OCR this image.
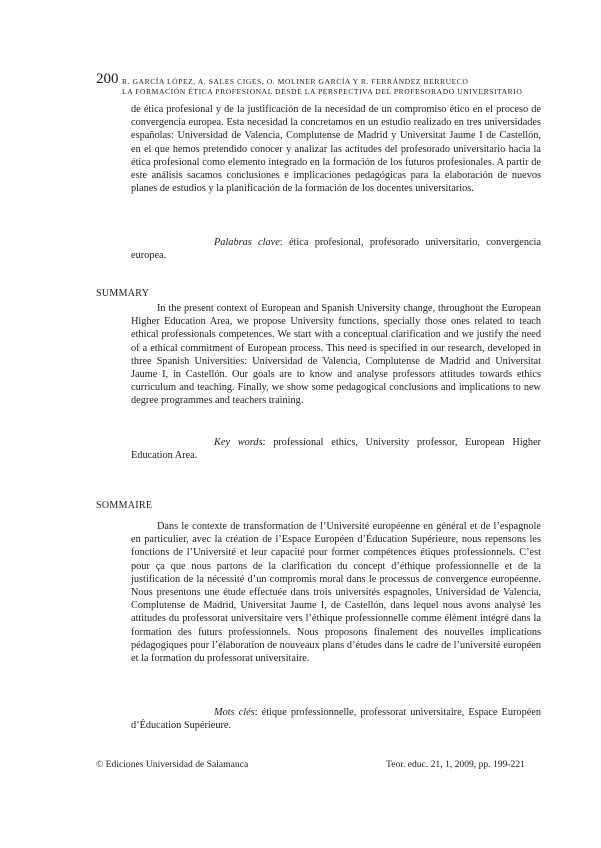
200 R. GARCÍA LÓPEZ, A. SALES CIGES, O. MOLINER GARCÍA Y R. FERRÁNDEZ BERRUECO
LA FORMACIÓN ÉTICA PROFESIONAL DESDE LA PERSPECTIVA DEL PROFESORADO UNIVERSITARIO

de ética profesional y de la justificación de la necesidad de un compromiso ético en el proceso de convergencia europea. Esta necesidad la concretamos en un estudio realizado en tres universidades españolas: Universidad de Valencia, Complutense de Madrid y Universitat Jaume I de Castellón, en el que hemos pretendido conocer y analizar las actitudes del profesorado universitario hacia la ética profesional como elemento integrado en la formación de los futuros profesionales. A partir de este análisis sacamos conclusiones e implicaciones pedagógicas para la elaboración de nuevos planes de estudios y la planificación de la formación de los docentes universitarios.

Palabras clave: ética profesional, profesorado universitario, convergencia europea.

SUMMARY

In the present context of European and Spanish University change, throughout the European Higher Education Area, we propose University functions, specially those ones related to teach ethical professionals competences. We start with a conceptual clarification and we justify the need of a ethical commitment of European process. This need is specified in our research, developed in three Spanish Universities: Universidad de Valencia, Complutense de Madrid and Universitat Jaume I, in Castellón. Our goals are to know and analyse professors attitudes towards ethics curriculum and teaching. Finally, we show some pedagogical conclusions and implications to new degree programmes and teachers training.

Key words: professional ethics, University professor, European Higher Education Area.

SOMMAIRE

Dans le contexte de transformation de l’Université européenne en général et de l’espagnole en particulier, avec la création de l’Espace Européen d’Éducation Supérieure, nous repensons les fonctions de l’Université et leur capacité pour former compétences étiques professionnels. C’est pour ça que nous partons de la clarification du concept d’éthique professionnelle et de la justification de la nécessité d’un compromis moral dans le processus de convergence européenne. Nous presentons une étude effectuée dans trois universités espagnoles, Universidad de Valencia, Complutense de Madrid, Universitat Jaume I, de Castellón, dans lequel nous avons analysé les attitudes du professorat universitaire vers l’éthique professionnelle comme élément intégré dans la formation des futurs professionnels. Nous proposons finalement des nouvelles implications pédagogiques pour l’élaboration de nouveaux plans d’études dans le cadre de l’université européen et la formation du professorat universitaire.

Mots clés: étique professionnelle, professorat universitaire, Espace Européen d’Éducation Supérieure.

© Ediciones Universidad de Salamanca	Teor. educ. 21, 1, 2009, pp. 199-221
